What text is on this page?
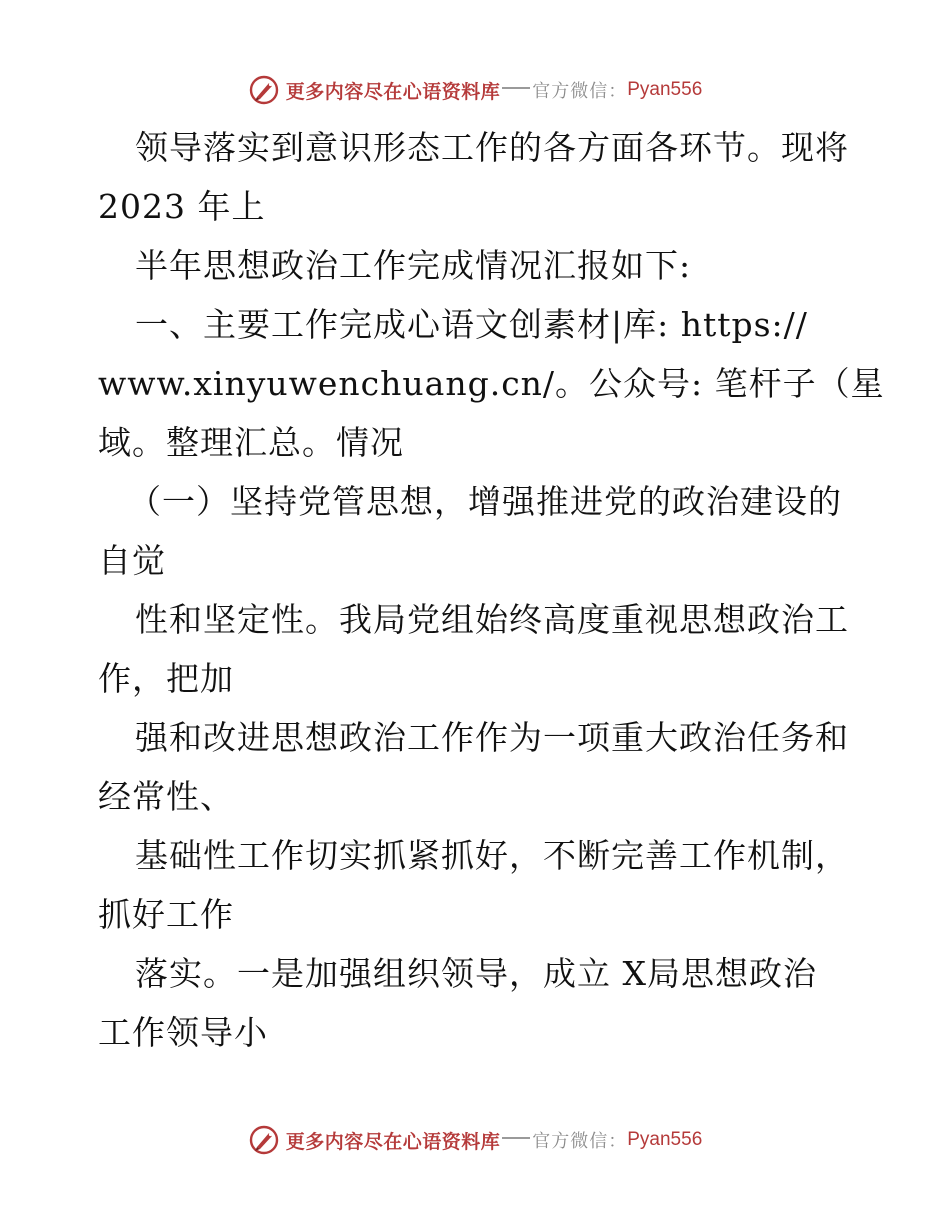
更多内容尽在心语资料库 官方微信： Pyan556
领导落实到意识形态工作的各方面各环节。现将
2023 年上
半年思想政治工作完成情况汇报如下:
一、主要工作完成心语文创素材|库: https://
www.xinyuwenchuang.cn/。公众号: 笔杆子（星
域。整理汇总。情况
（一）坚持党管思想，增强推进党的政治建设的
自觉
性和坚定性。我局党组始终高度重视思想政治工
作，把加
强和改进思想政治工作作为一项重大政治任务和
经常性、
基础性工作切实抓紧抓好，不断完善工作机制，
抓好工作
落实。一是加强组织领导，成立 X局思想政治
工作领导小
更多内容尽在心语资料库 官方微信： Pyan556
